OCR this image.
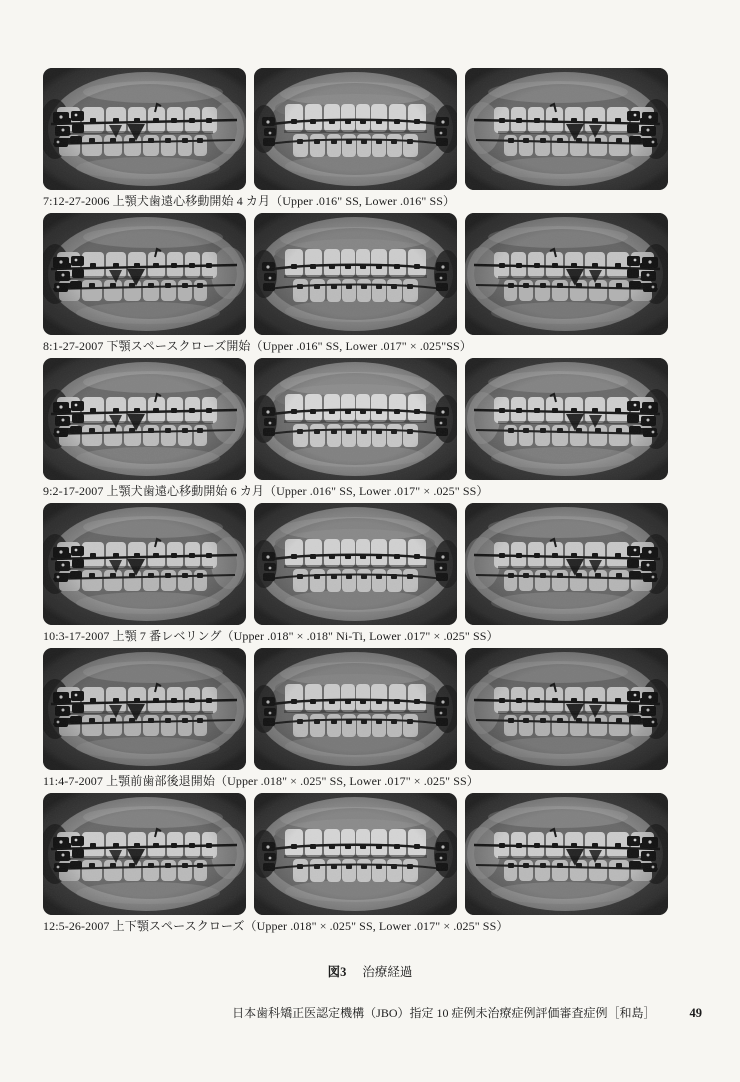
7:12-27-2006 上顎犬歯遠心移動開始 4 カ月（Upper .016" SS, Lower .016" SS）
8:1-27-2007 下顎スペースクローズ開始（Upper .016" SS, Lower .017" × .025"SS）
9:2-17-2007 上顎犬歯遠心移動開始 6 カ月（Upper .016" SS, Lower .017" × .025" SS）
10:3-17-2007 上顎 7 番レベリング（Upper .018" × .018" Ni-Ti, Lower .017" × .025" SS）
11:4-7-2007 上顎前歯部後退開始（Upper .018" × .025" SS, Lower .017" × .025" SS）
12:5-26-2007 上下顎スペースクローズ（Upper .018" × .025" SS, Lower .017" × .025" SS）
図3 治療経過
日本歯科矯正医認定機構（JBO）指定 10 症例未治療症例評価審査症例［和島］	49
